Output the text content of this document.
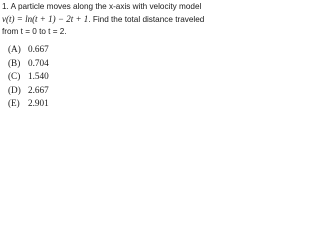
1. A particle moves along the x-axis with velocity model
v(t) = ln(t + 1) − 2t + 1. Find the total distance traveled
from t = 0 to t = 2.
(A) 0.667
(B) 0.704
(C) 1.540
(D) 2.667
(E) 2.901
